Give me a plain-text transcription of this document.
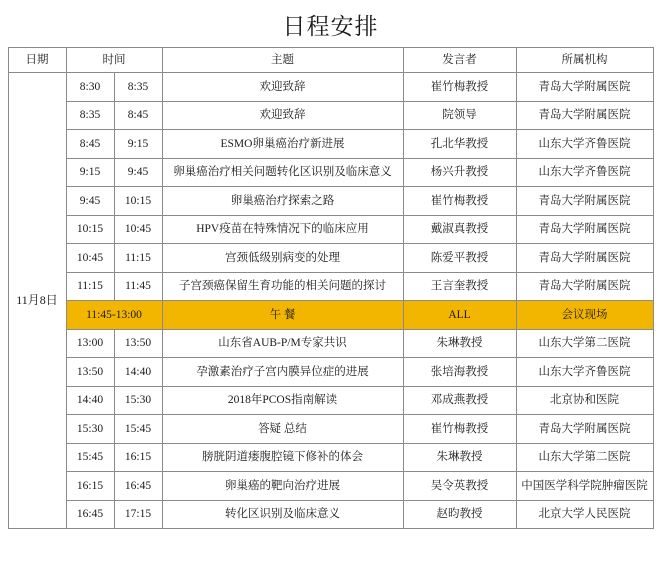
日程安排
日期	时间		主题	发言者	所属机构
11月8日	8:30	8:35	欢迎致辞	崔竹梅教授	青岛大学附属医院
	8:35	8:45	欢迎致辞	院领导	青岛大学附属医院
	8:45	9:15	ESMO卵巢癌治疗新进展	孔北华教授	山东大学齐鲁医院
	9:15	9:45	卵巢癌治疗相关问题转化区识别及临床意义	杨兴升教授	山东大学齐鲁医院
	9:45	10:15	卵巢癌治疗探索之路	崔竹梅教授	青岛大学附属医院
	10:15	10:45	HPV疫苗在特殊情况下的临床应用	戴淑真教授	青岛大学附属医院
	10:45	11:15	宫颈低级别病变的处理	陈爱平教授	青岛大学附属医院
	11:15	11:45	子宫颈癌保留生育功能的相关问题的探讨	王言奎教授	青岛大学附属医院
	11:45-13:00		午 餐	ALL	会议现场
	13:00	13:50	山东省AUB-P/M专家共识	朱琳教授	山东大学第二医院
	13:50	14:40	孕激素治疗子宫内膜异位症的进展	张培海教授	山东大学齐鲁医院
	14:40	15:30	2018年PCOS指南解读	邓成燕教授	北京协和医院
	15:30	15:45	答疑 总结	崔竹梅教授	青岛大学附属医院
	15:45	16:15	膀胱阴道瘘腹腔镜下修补的体会	朱琳教授	山东大学第二医院
	16:15	16:45	卵巢癌的靶向治疗进展	吴令英教授	中国医学科学院肿瘤医院
	16:45	17:15	转化区识别及临床意义	赵昀教授	北京大学人民医院
